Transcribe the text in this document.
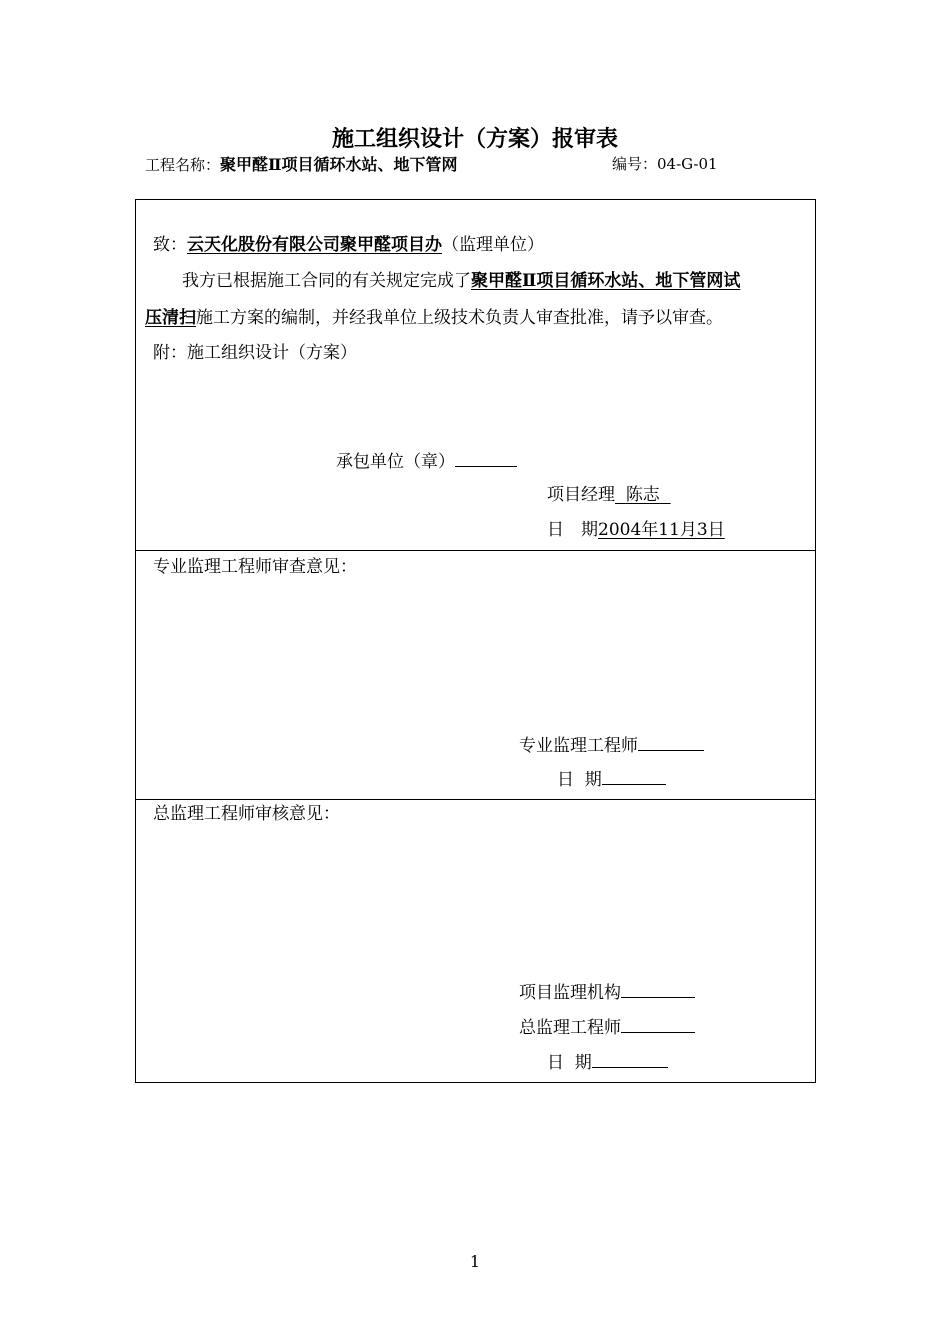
施工组织设计（方案）报审表
工程名称：聚甲醛Ⅱ项目循环水站、地下管网	编号：04-G-01
致：云天化股份有限公司聚甲醛项目办（监理单位）
我方已根据施工合同的有关规定完成了聚甲醛Ⅱ项目循环水站、地下管网试
压清扫施工方案的编制，并经我单位上级技术负责人审查批准，请予以审查。
附：施工组织设计（方案）
承包单位（章）
项目经理 陈志
日　期2004年11月3日
专业监理工程师审查意见：
专业监理工程师
日  期
总监理工程师审核意见：
项目监理机构
总监理工程师
日  期
1
